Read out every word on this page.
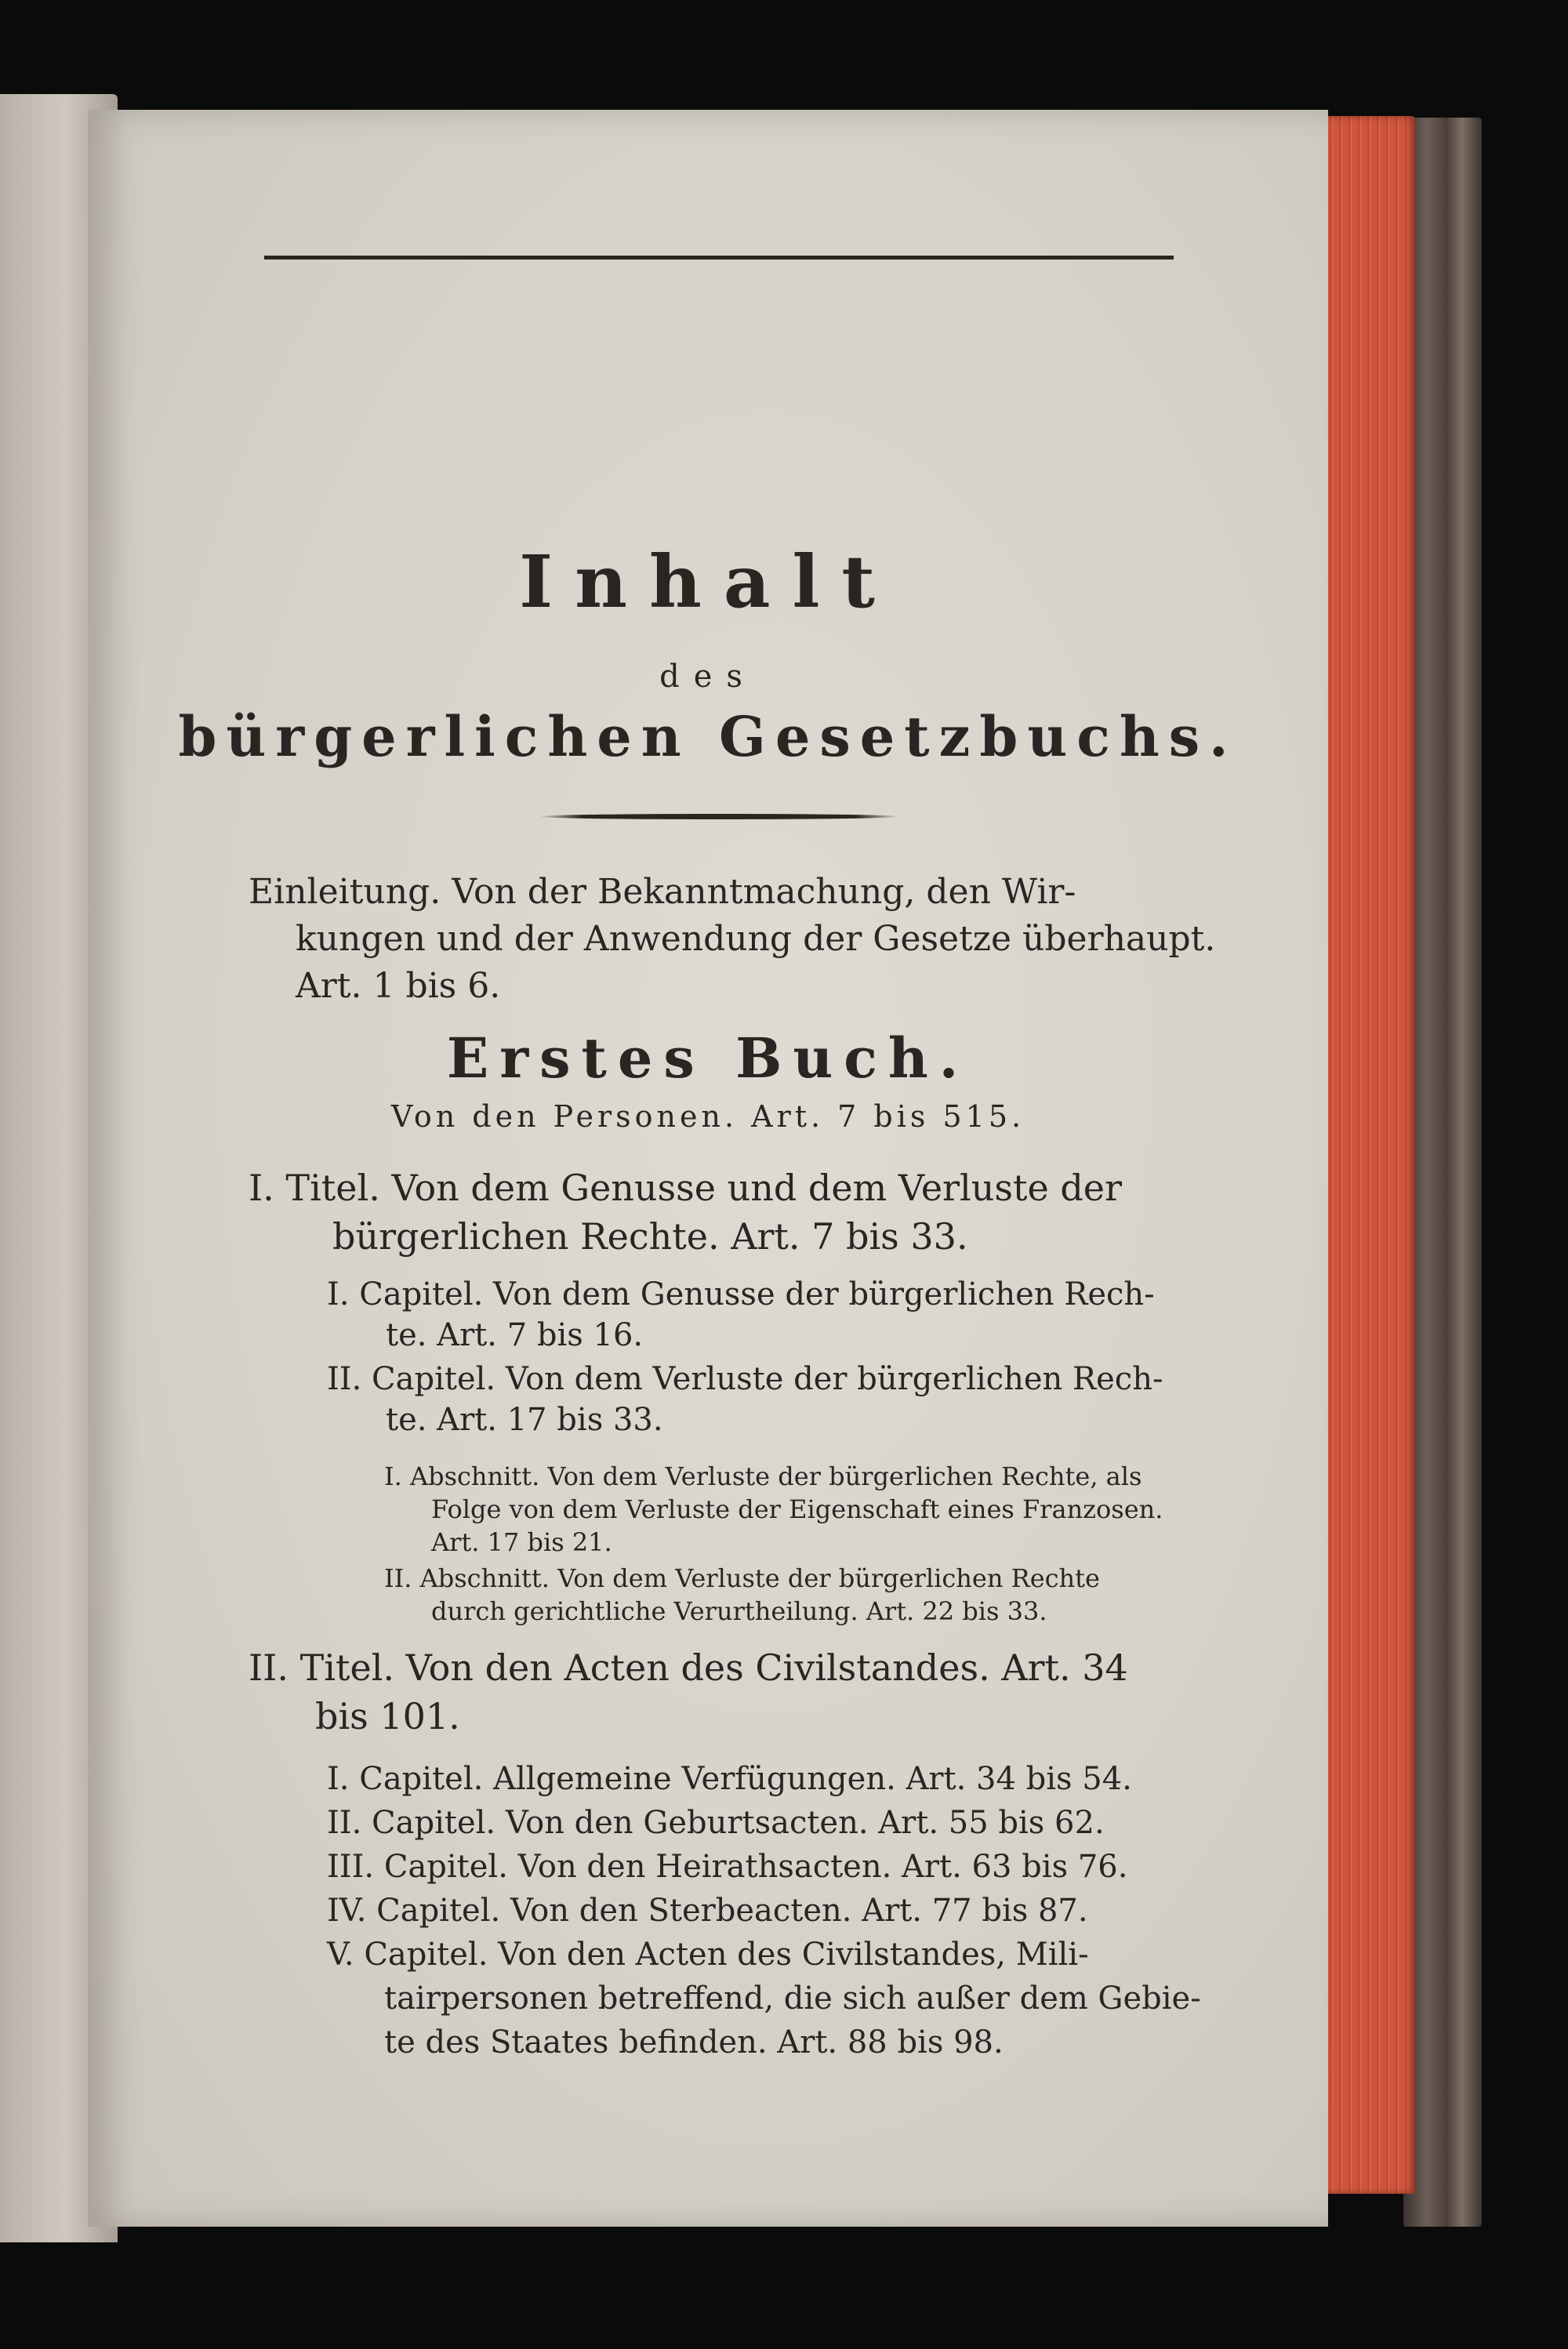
Inhalt
des
bürgerlichen Gesetzbuchs.
Einleitung. Von der Bekanntmachung, den Wir-
kungen und der Anwendung der Gesetze überhaupt.
Art. 1 bis 6.
Erstes Buch.
Von den Personen. Art. 7 bis 515.
I. Titel. Von dem Genusse und dem Verluste der
bürgerlichen Rechte. Art. 7 bis 33.
I. Capitel. Von dem Genusse der bürgerlichen Rech-
te. Art. 7 bis 16.
II. Capitel. Von dem Verluste der bürgerlichen Rech-
te. Art. 17 bis 33.
I. Abschnitt. Von dem Verluste der bürgerlichen Rechte, als
Folge von dem Verluste der Eigenschaft eines Franzosen.
Art. 17 bis 21.
II. Abschnitt. Von dem Verluste der bürgerlichen Rechte
durch gerichtliche Verurtheilung. Art. 22 bis 33.
II. Titel. Von den Acten des Civilstandes. Art. 34
bis 101.
I. Capitel. Allgemeine Verfügungen. Art. 34 bis 54.
II. Capitel. Von den Geburtsacten. Art. 55 bis 62.
III. Capitel. Von den Heirathsacten. Art. 63 bis 76.
IV. Capitel. Von den Sterbeacten. Art. 77 bis 87.
V. Capitel. Von den Acten des Civilstandes, Mili-
tairpersonen betreffend, die sich außer dem Gebie-
te des Staates befinden. Art. 88 bis 98.
